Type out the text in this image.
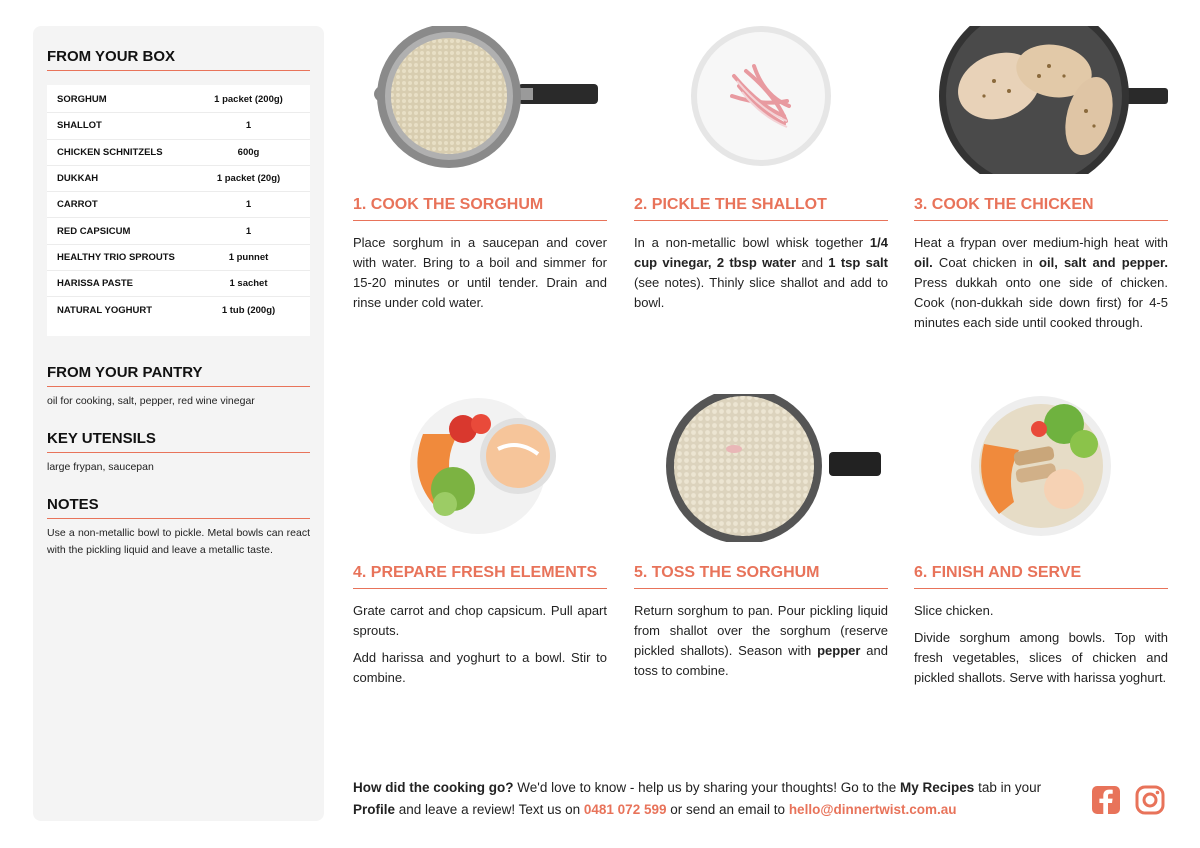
FROM YOUR BOX
SORGHUM	1 packet (200g)
SHALLOT	1
CHICKEN SCHNITZELS	600g
DUKKAH	1 packet (20g)
CARROT	1
RED CAPSICUM	1
HEALTHY TRIO SPROUTS	1 punnet
HARISSA PASTE	1 sachet
NATURAL YOGHURT	1 tub (200g)
FROM YOUR PANTRY
oil for cooking, salt, pepper, red wine vinegar
KEY UTENSILS
large frypan, saucepan
NOTES
Use a non-metallic bowl to pickle. Metal bowls can react with the pickling liquid and leave a metallic taste.
1. COOK THE SORGHUM

Place sorghum in a saucepan and cover with water. Bring to a boil and simmer for 15-20 minutes or until tender. Drain and rinse under cold water.

2. PICKLE THE SHALLOT

In a non-metallic bowl whisk together 1/4 cup vinegar, 2 tbsp water and 1 tsp salt (see notes). Thinly slice shallot and add to bowl.

3. COOK THE CHICKEN

Heat a frypan over medium-high heat with oil. Coat chicken in oil, salt and pepper. Press dukkah onto one side of chicken. Cook (non-dukkah side down first) for 4-5 minutes each side until cooked through.

4. PREPARE FRESH ELEMENTS

Grate carrot and chop capsicum. Pull apart sprouts.

Add harissa and yoghurt to a bowl. Stir to combine.

5. TOSS THE SORGHUM

Return sorghum to pan. Pour pickling liquid from shallot over the sorghum (reserve pickled shallots). Season with pepper and toss to combine.

6. FINISH AND SERVE

Slice chicken.

Divide sorghum among bowls. Top with fresh vegetables, slices of chicken and pickled shallots. Serve with harissa yoghurt.

How did the cooking go? We'd love to know - help us by sharing your thoughts! Go to the My Recipes tab in your Profile and leave a review! Text us on 0481 072 599 or send an email to hello@dinnertwist.com.au
